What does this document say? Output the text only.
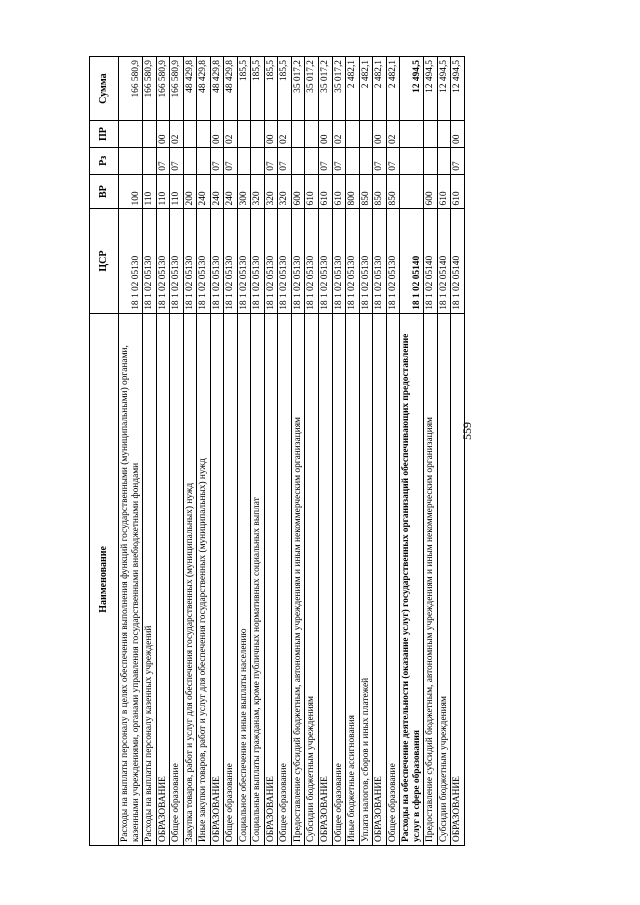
559
Наименование	ЦСР	ВР	Рз	ПР	Сумма
Расходы на выплаты персоналу в целях обеспечения выполнения функций государственными (муниципальными) органами, казенными учреждениями, органами управления государственными внебюджетными фондами	18 1 02 05130	100			166 580,9
Расходы на выплаты персоналу казенных учреждений	18 1 02 05130	110			166 580,9
ОБРАЗОВАНИЕ	18 1 02 05130	110	07	00	166 580,9
Общее образование	18 1 02 05130	110	07	02	166 580,9
Закупка товаров, работ и услуг для обеспечения государственных (муниципальных) нужд	18 1 02 05130	200			48 429,8
Иные закупки товаров, работ и услуг для обеспечения государственных (муниципальных) нужд	18 1 02 05130	240			48 429,8
ОБРАЗОВАНИЕ	18 1 02 05130	240	07	00	48 429,8
Общее образование	18 1 02 05130	240	07	02	48 429,8
Социальное обеспечение и иные выплаты населению	18 1 02 05130	300			185,5
Социальные выплаты гражданам, кроме публичных нормативных социальных выплат	18 1 02 05130	320			185,5
ОБРАЗОВАНИЕ	18 1 02 05130	320	07	00	185,5
Общее образование	18 1 02 05130	320	07	02	185,5
Предоставление субсидий бюджетным, автономным учреждениям и иным некоммерческим организациям	18 1 02 05130	600			35 017,2
Субсидии бюджетным учреждениям	18 1 02 05130	610			35 017,2
ОБРАЗОВАНИЕ	18 1 02 05130	610	07	00	35 017,2
Общее образование	18 1 02 05130	610	07	02	35 017,2
Иные бюджетные ассигнования	18 1 02 05130	800			2 482,1
Уплата налогов, сборов и иных платежей	18 1 02 05130	850			2 482,1
ОБРАЗОВАНИЕ	18 1 02 05130	850	07	00	2 482,1
Общее образование	18 1 02 05130	850	07	02	2 482,1
Расходы на обеспечение деятельности (оказание услуг) государственных организаций обеспечивающих предоставление услуг в сфере образования	18 1 02 05140				12 494,5
Предоставление субсидий бюджетным, автономным учреждениям и иным некоммерческим организациям	18 1 02 05140	600			12 494,5
Субсидии бюджетным учреждениям	18 1 02 05140	610			12 494,5
ОБРАЗОВАНИЕ	18 1 02 05140	610	07	00	12 494,5
